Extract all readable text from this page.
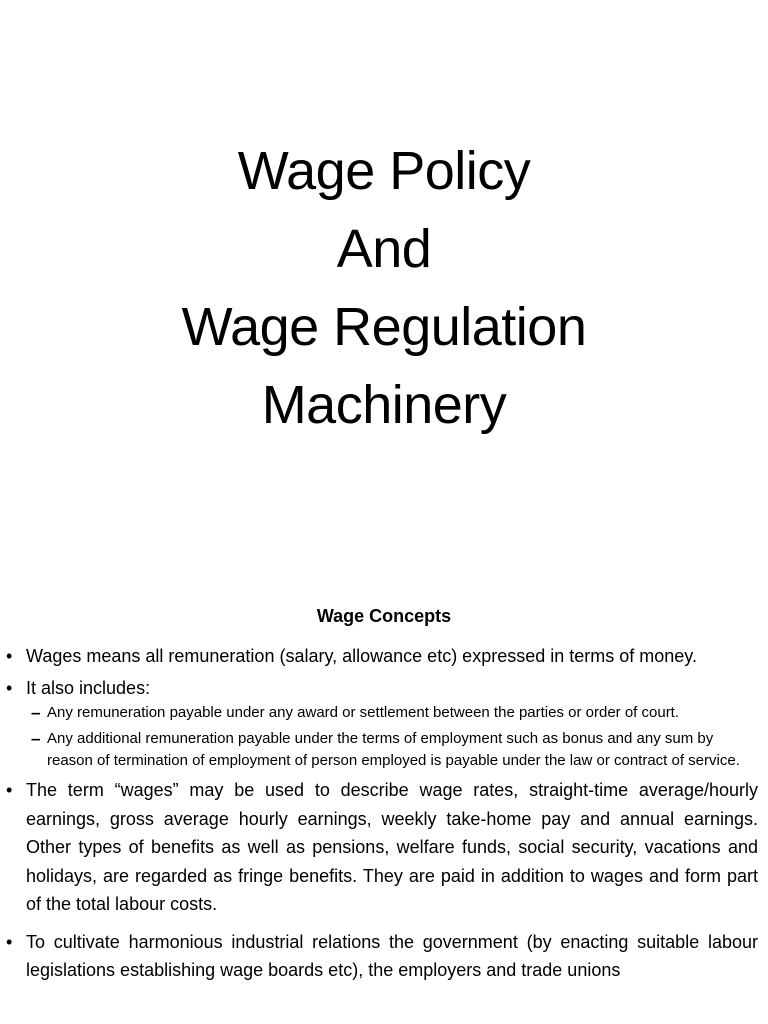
Wage Policy
And
Wage Regulation
Machinery
Wage Concepts
• Wages means all remuneration (salary, allowance etc) expressed in terms of money.
• It also includes:
– Any remuneration payable under any award or settlement between the parties or order of court.
– Any additional remuneration payable under the terms of employment such as bonus and any sum by reason of termination of employment of person employed is payable under the law or contract of service.
• The term “wages” may be used to describe wage rates, straight-time average/hourly earnings, gross average hourly earnings, weekly take-home pay and annual earnings. Other types of benefits as well as pensions, welfare funds, social security, vacations and holidays, are regarded as fringe benefits. They are paid in addition to wages and form part of the total labour costs.
• To cultivate harmonious industrial relations the government (by enacting suitable labour legislations establishing wage boards etc), the employers and trade unions
